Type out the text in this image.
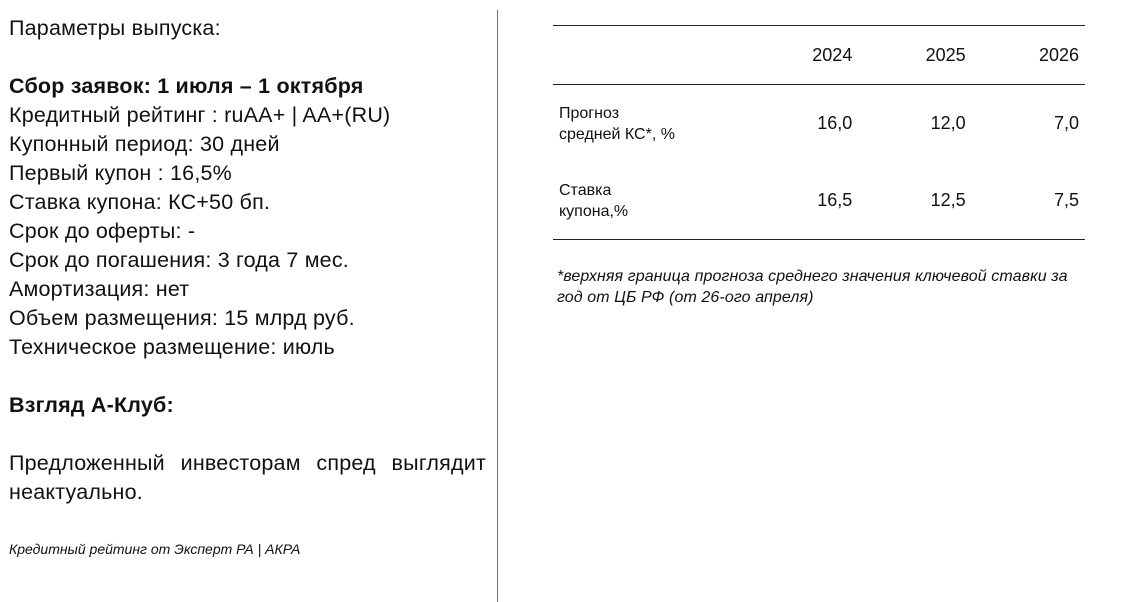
Параметры выпуска:
Сбор заявок: 1 июля – 1 октября
Кредитный рейтинг : ruAA+ | AA+(RU)
Купонный период: 30 дней
Первый купон : 16,5%
Ставка купона: КС+50 бп.
Срок до оферты: -
Срок до погашения: 3 года 7 мес.
Амортизация: нет
Объем размещения: 15 млрд руб.
Техническое размещение: июль
Взгляд А-Клуб:
Предложенный инвесторам спред выглядит неактуально.
Кредитный рейтинг от Эксперт РА | АКРА
	2024	2025	2026

Прогноз
средней КС*, %	16,0	12,0	7,0

Ставка
купона,%	16,5	12,5	7,5
*верхняя граница прогноза среднего значения ключевой ставки за год от ЦБ РФ (от 26-ого апреля)
